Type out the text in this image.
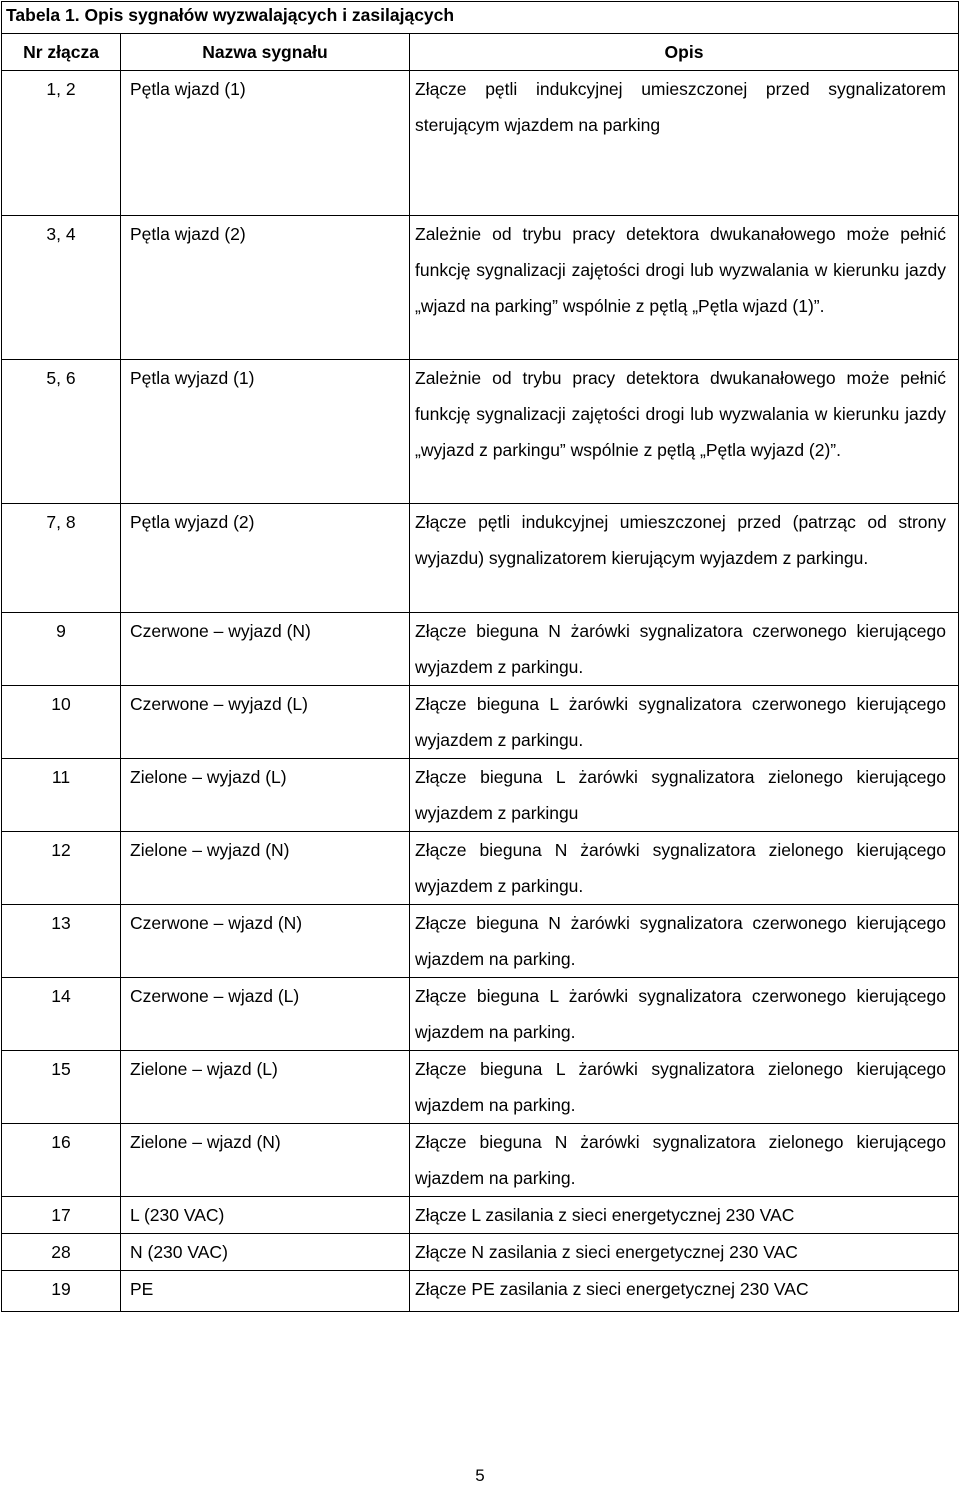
Tabela 1. Opis sygnałów wyzwalających i zasilających		
Nr złącza	Nazwa sygnału	Opis
1, 2	Pętla wjazd (1)	Złącze pętli indukcyjnej umieszczonej przed sygnalizatorem sterującym wjazdem na parking

3, 4	Pętla wjazd (2)	Zależnie od trybu pracy detektora dwukanałowego może pełnić funkcję sygnalizacji zajętości drogi lub wyzwalania w kierunku jazdy „wjazd na parking” wspólnie z pętlą „Pętla wjazd (1)”.

5, 6	Pętla wyjazd (1)	Zależnie od trybu pracy detektora dwukanałowego może pełnić funkcję sygnalizacji zajętości drogi lub wyzwalania w kierunku jazdy „wyjazd z parkingu” wspólnie z pętlą „Pętla wyjazd (2)”.

7, 8	Pętla wyjazd (2)	Złącze pętli indukcyjnej umieszczonej przed (patrząc od strony wyjazdu) sygnalizatorem kierującym wyjazdem z parkingu.

9	Czerwone – wyjazd (N)	Złącze bieguna N żarówki sygnalizatora czerwonego kierującego wyjazdem z parkingu.

10	Czerwone – wyjazd (L)	Złącze bieguna L żarówki sygnalizatora czerwonego kierującego wyjazdem z parkingu.

11	Zielone – wyjazd (L)	Złącze bieguna L żarówki sygnalizatora zielonego kierującego wyjazdem z parkingu

12	Zielone – wyjazd (N)	Złącze bieguna N żarówki sygnalizatora zielonego kierującego wyjazdem z parkingu.

13	Czerwone – wjazd (N)	Złącze bieguna N żarówki sygnalizatora czerwonego kierującego wjazdem na parking.

14	Czerwone – wjazd (L)	Złącze bieguna L żarówki sygnalizatora czerwonego kierującego wjazdem na parking.

15	Zielone – wjazd (L)	Złącze bieguna L żarówki sygnalizatora zielonego kierującego wjazdem na parking.

16	Zielone – wjazd (N)	Złącze bieguna N żarówki sygnalizatora zielonego kierującego wjazdem na parking.

17	L (230 VAC)	Złącze L zasilania z sieci energetycznej 230 VAC

28	N (230 VAC)	Złącze N zasilania z sieci energetycznej 230 VAC

19	PE	Złącze PE zasilania z sieci energetycznej 230 VAC
5
